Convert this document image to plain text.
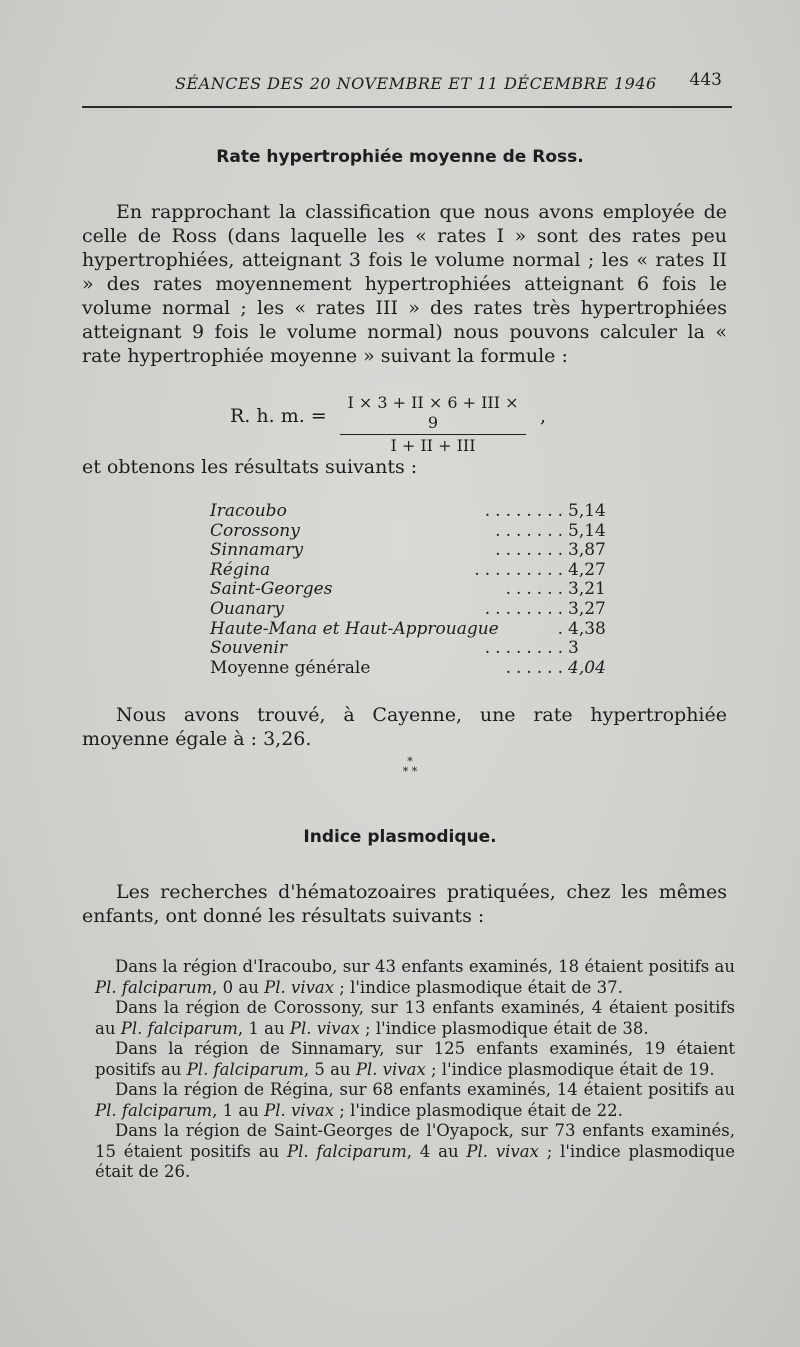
SÉANCES DES 20 NOVEMBRE ET 11 DÉCEMBRE 1946 443
Rate hypertrophiée moyenne de Ross.

En rapprochant la classification que nous avons employée de celle de Ross (dans laquelle les « rates I » sont des rates peu hypertrophiées, atteignant 3 fois le volume normal ; les « rates II » des rates moyennement hypertrophiées atteignant 6 fois le volume normal ; les « rates III » des rates très hypertrophiées atteignant 9 fois le volume normal) nous pouvons calculer la « rate hypertrophiée moyenne » suivant la formule :

R. h. m. =
I × 3 + II × 6 + III × 9
I + II + III
,
et obtenons les résultats suivants :
Iracoubo	........ 5,14
Corossony	....... 5,14
Sinnamary	....... 3,87
Régina	......... 4,27
Saint-Georges	...... 3,21
Ouanary	........ 3,27
Haute-Mana et Haut-Approuague	. 4,38
Souvenir	........ 3
Moyenne générale	...... 4,04

Nous avons trouvé, à Cayenne, une rate hypertrophiée moyenne égale à : 3,26.

*
* *
Indice plasmodique.

Les recherches d'hématozoaires pratiquées, chez les mêmes enfants, ont donné les résultats suivants :

Dans la région d'Iracoubo, sur 43 enfants examinés, 18 étaient positifs au Pl. falciparum, 0 au Pl. vivax ; l'indice plasmodique était de 37.

Dans la région de Corossony, sur 13 enfants examinés, 4 étaient positifs au Pl. falciparum, 1 au Pl. vivax ; l'indice plasmodique était de 38.

Dans la région de Sinnamary, sur 125 enfants examinés, 19 étaient positifs au Pl. falciparum, 5 au Pl. vivax ; l'indice plasmodique était de 19.

Dans la région de Régina, sur 68 enfants examinés, 14 étaient positifs au Pl. falciparum, 1 au Pl. vivax ; l'indice plasmodique était de 22.

Dans la région de Saint-Georges de l'Oyapock, sur 73 enfants examinés, 15 étaient positifs au Pl. falciparum, 4 au Pl. vivax ; l'indice plasmodique était de 26.
